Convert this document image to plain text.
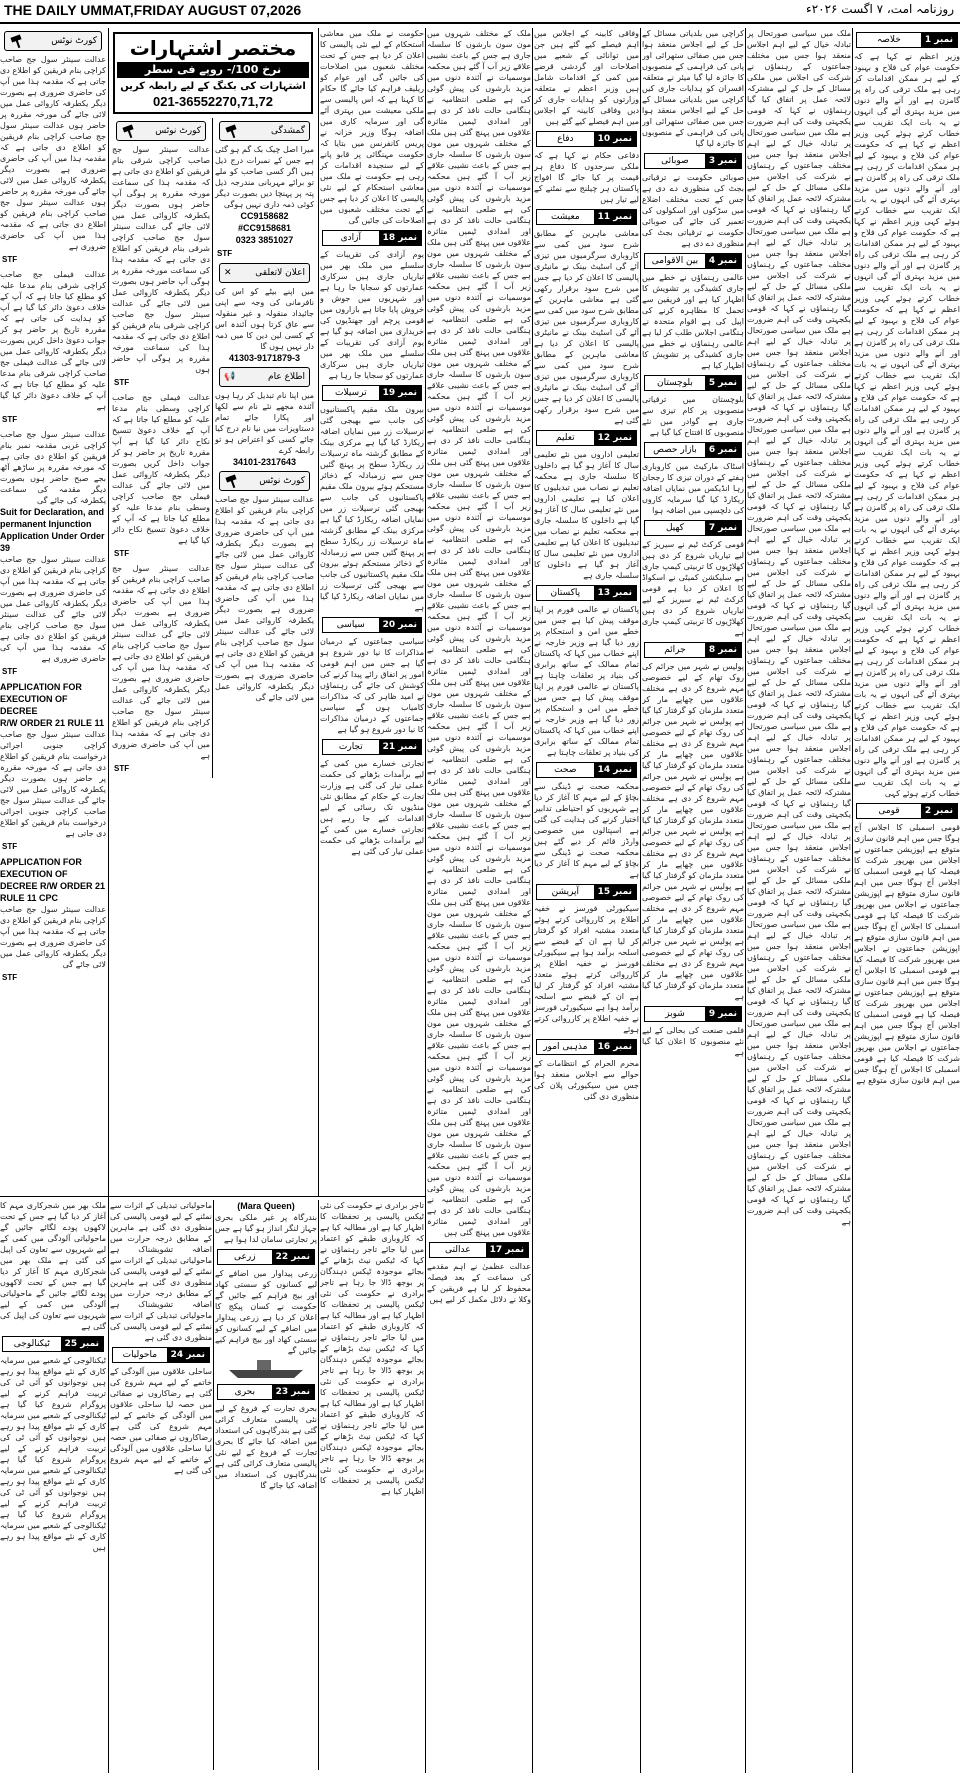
THE DAILY UMMAT,FRIDAY AUGUST 07,2026	روزنامہ امت، ۷ اگست ۲۰۲۶ء
کورٹ نوٹس
عدالت سینئر سول جج صاحب کراچی بنام فریقین کو اطلاع دی جاتی ہے کہ مقدمہ ہذا میں آپ کی حاضری ضروری ہے بصورت دیگر یکطرفہ کاروائی عمل میں لائی جائے گی مورخہ مقررہ پر حاضر ہوں عدالت سینئر سول جج صاحب کراچی بنام فریقین کو اطلاع دی جاتی ہے کہ مقدمہ ہذا میں آپ کی حاضری ضروری ہے بصورت دیگر یکطرفہ کاروائی عمل میں لائی جائے گی مورخہ مقررہ پر حاضر ہوں عدالت سینئر سول جج صاحب کراچی بنام فریقین کو اطلاع دی جاتی ہے کہ مقدمہ ہذا میں آپ کی حاضری ضروری ہے
STF
عدالت فیملی جج صاحب کراچی شرقی بنام مدعا علیہ کو مطلع کیا جاتا ہے کہ آپ کے خلاف دعویٰ دائر کیا گیا ہے آپ کو ہدایت کی جاتی ہے کہ مقررہ تاریخ پر حاضر ہو کر جواب دعویٰ داخل کریں بصورت دیگر یکطرفہ کاروائی عمل میں لائی جائے گی عدالت فیملی جج صاحب کراچی شرقی بنام مدعا علیہ کو مطلع کیا جاتا ہے کہ آپ کے خلاف دعویٰ دائر کیا گیا ہے
STF
عدالت سینئر سول جج صاحب کراچی غربی مقدمہ نمبر بنام فریقین کو اطلاع دی جاتی ہے کہ مورخہ مقررہ پر ساڑھے آٹھ بجے صبح حاضر ہوں بصورت دیگر مقدمہ کی سماعت یکطرفہ کی جائے گی
Suit for Declaration, and permanent Injunction
Application Under Order 39
عدالت سینئر سول جج صاحب کراچی بنام فریقین کو اطلاع دی جاتی ہے کہ مقدمہ ہذا میں آپ کی حاضری ضروری ہے بصورت دیگر یکطرفہ کاروائی عمل میں لائی جائے گی عدالت سینئر سول جج صاحب کراچی بنام فریقین کو اطلاع دی جاتی ہے کہ مقدمہ ہذا میں آپ کی حاضری ضروری ہے
STF
APPLICATION FOR
EXECUTION OF DECREE
R/W ORDER 21 RULE 11
عدالت سینئر سول جج صاحب کراچی جنوبی اجرائی درخواست بنام فریقین کو اطلاع دی جاتی ہے کہ مورخہ مقررہ پر حاضر ہوں بصورت دیگر یکطرفہ کاروائی عمل میں لائی جائے گی عدالت سینئر سول جج صاحب کراچی جنوبی اجرائی درخواست بنام فریقین کو اطلاع دی جاتی ہے
STF
APPLICATION FOR
EXECUTION OF
DECREE R/W ORDER 21
RULE 11 CPC
عدالت سینئر سول جج صاحب کراچی بنام فریقین کو اطلاع دی جاتی ہے کہ مقدمہ ہذا میں آپ کی حاضری ضروری ہے بصورت دیگر یکطرفہ کاروائی عمل میں لائی جائے گی
STF
مختصر اشتہارات
نرخ 100/- روپے فی سطر
اشتہارات کی بکنگ کے لیے رابطہ کریں
021-36552270,71,72
گمشدگی
میرا اصل چیک بک گم ہو گئی ہے جس کے نمبرات درج ذیل ہیں اگر کسی صاحب کو ملے تو برائے مہربانی مندرجہ ذیل پتہ پر پہنچا دیں بصورت دیگر کوئی ذمہ داری نہیں ہوگی
CC9158682 #CC9158681
0323 3851027
STF
اعلان لاتعلقی
✕
میں اپنے بیٹے کو اس کی نافرمانی کی وجہ سے اپنی جائیداد منقولہ و غیر منقولہ سے عاق کرتا ہوں آئندہ اس کے کسی لین دین کا میں ذمہ دار نہیں ہوں گا
41303-9171879-3
اطلاع عام
📢
میں اپنا نام تبدیل کر رہا ہوں آئندہ مجھے نئے نام سے لکھا اور پکارا جائے تمام دستاویزات میں نیا نام درج کیا جائے کسی کو اعتراض ہو تو رابطہ کرے
34101-2317643
کورٹ نوٹس
عدالت سینئر سول جج صاحب کراچی بنام فریقین کو اطلاع دی جاتی ہے کہ مقدمہ ہذا میں آپ کی حاضری ضروری ہے بصورت دیگر یکطرفہ کاروائی عمل میں لائی جائے گی عدالت سینئر سول جج صاحب کراچی بنام فریقین کو اطلاع دی جاتی ہے کہ مقدمہ ہذا میں آپ کی حاضری ضروری ہے بصورت دیگر یکطرفہ کاروائی عمل میں لائی جائے گی عدالت سینئر سول جج صاحب کراچی بنام فریقین کو اطلاع دی جاتی ہے کہ مقدمہ ہذا میں آپ کی حاضری ضروری ہے بصورت دیگر یکطرفہ کاروائی عمل میں لائی جائے گی
کورٹ نوٹس
عدالت سینئر سول جج صاحب کراچی شرقی بنام فریقین کو اطلاع دی جاتی ہے کہ مقدمہ ہذا کی سماعت مورخہ مقررہ پر ہوگی آپ حاضر ہوں بصورت دیگر یکطرفہ کاروائی عمل میں لائی جائے گی عدالت سینئر سول جج صاحب کراچی شرقی بنام فریقین کو اطلاع دی جاتی ہے کہ مقدمہ ہذا کی سماعت مورخہ مقررہ پر ہوگی آپ حاضر ہوں بصورت دیگر یکطرفہ کاروائی عمل میں لائی جائے گی عدالت سینئر سول جج صاحب کراچی شرقی بنام فریقین کو اطلاع دی جاتی ہے کہ مقدمہ ہذا کی سماعت مورخہ مقررہ پر ہوگی آپ حاضر ہوں
STF
عدالت فیملی جج صاحب کراچی وسطی بنام مدعا علیہ کو مطلع کیا جاتا ہے کہ آپ کے خلاف دعویٰ تنسیخ نکاح دائر کیا گیا ہے آپ مقررہ تاریخ پر حاضر ہو کر جواب داخل کریں بصورت دیگر یکطرفہ کاروائی عمل میں لائی جائے گی عدالت فیملی جج صاحب کراچی وسطی بنام مدعا علیہ کو مطلع کیا جاتا ہے کہ آپ کے خلاف دعویٰ تنسیخ نکاح دائر کیا گیا ہے
STF
عدالت سینئر سول جج صاحب کراچی بنام فریقین کو اطلاع دی جاتی ہے کہ مقدمہ ہذا میں آپ کی حاضری ضروری ہے بصورت دیگر یکطرفہ کاروائی عمل میں لائی جائے گی عدالت سینئر سول جج صاحب کراچی بنام فریقین کو اطلاع دی جاتی ہے کہ مقدمہ ہذا میں آپ کی حاضری ضروری ہے بصورت دیگر یکطرفہ کاروائی عمل میں لائی جائے گی عدالت سینئر سول جج صاحب کراچی بنام فریقین کو اطلاع دی جاتی ہے کہ مقدمہ ہذا میں آپ کی حاضری ضروری ہے
STF
حکومت نے ملک میں معاشی استحکام کے لیے نئی پالیسی کا اعلان کر دیا ہے جس کے تحت مختلف شعبوں میں اصلاحات کی جائیں گی اور عوام کو ریلیف فراہم کیا جائے گا حکام کا کہنا ہے کہ اس پالیسی سے ملکی معیشت میں بہتری آئے گی اور سرمایہ کاری میں اضافہ ہوگا وزیر خزانہ نے پریس کانفرنس میں بتایا کہ حکومت مہنگائی پر قابو پانے کے لیے سنجیدہ اقدامات کر رہی ہے حکومت نے ملک میں معاشی استحکام کے لیے نئی پالیسی کا اعلان کر دیا ہے جس کے تحت مختلف شعبوں میں اصلاحات کی جائیں گی
نمبر 18
آزادی
یوم آزادی کی تقریبات کے سلسلے میں ملک بھر میں تیاریاں جاری ہیں سرکاری عمارتوں کو سجایا جا رہا ہے اور شہریوں میں جوش و خروش پایا جاتا ہے بازاروں میں قومی پرچم اور جھنڈیوں کی خریداری میں اضافہ ہو گیا ہے یوم آزادی کی تقریبات کے سلسلے میں ملک بھر میں تیاریاں جاری ہیں سرکاری عمارتوں کو سجایا جا رہا ہے
نمبر 19
ترسیلات
بیرون ملک مقیم پاکستانیوں کی جانب سے بھیجی گئی ترسیلات زر میں نمایاں اضافہ ریکارڈ کیا گیا ہے مرکزی بینک کے مطابق گزشتہ ماہ ترسیلات زر ریکارڈ سطح پر پہنچ گئیں جس سے زرمبادلہ کے ذخائر مستحکم ہوئے بیرون ملک مقیم پاکستانیوں کی جانب سے بھیجی گئی ترسیلات زر میں نمایاں اضافہ ریکارڈ کیا گیا ہے مرکزی بینک کے مطابق گزشتہ ماہ ترسیلات زر ریکارڈ سطح پر پہنچ گئیں جس سے زرمبادلہ کے ذخائر مستحکم ہوئے بیرون ملک مقیم پاکستانیوں کی جانب سے بھیجی گئی ترسیلات زر میں نمایاں اضافہ ریکارڈ کیا گیا ہے
نمبر 20
سیاسی
سیاسی جماعتوں کے درمیان مذاکرات کا نیا دور شروع ہو گیا ہے جس میں اہم قومی امور پر اتفاق رائے پیدا کرنے کی کوشش کی جائے گی رہنماؤں نے امید ظاہر کی کہ مذاکرات کامیاب ہوں گے سیاسی جماعتوں کے درمیان مذاکرات کا نیا دور شروع ہو گیا ہے
نمبر 21
تجارت
تجارتی خسارے میں کمی کے لیے برآمدات بڑھانے کی حکمت عملی تیار کی گئی ہے وزارت تجارت کے حکام کے مطابق نئی منڈیوں تک رسائی کے لیے اقدامات کیے جا رہے ہیں تجارتی خسارے میں کمی کے لیے برآمدات بڑھانے کی حکمت عملی تیار کی گئی ہے
ملک کے مختلف شہروں میں مون سون بارشوں کا سلسلہ جاری ہے جس کے باعث نشیبی علاقے زیر آب آ گئے ہیں محکمہ موسمیات نے آئندہ دنوں میں مزید بارشوں کی پیش گوئی کی ہے ضلعی انتظامیہ نے ہنگامی حالت نافذ کر دی ہے اور امدادی ٹیمیں متاثرہ علاقوں میں پہنچ گئی ہیں ملک کے مختلف شہروں میں مون سون بارشوں کا سلسلہ جاری ہے جس کے باعث نشیبی علاقے زیر آب آ گئے ہیں محکمہ موسمیات نے آئندہ دنوں میں مزید بارشوں کی پیش گوئی کی ہے ضلعی انتظامیہ نے ہنگامی حالت نافذ کر دی ہے اور امدادی ٹیمیں متاثرہ علاقوں میں پہنچ گئی ہیں ملک کے مختلف شہروں میں مون سون بارشوں کا سلسلہ جاری ہے جس کے باعث نشیبی علاقے زیر آب آ گئے ہیں محکمہ موسمیات نے آئندہ دنوں میں مزید بارشوں کی پیش گوئی کی ہے ضلعی انتظامیہ نے ہنگامی حالت نافذ کر دی ہے اور امدادی ٹیمیں متاثرہ علاقوں میں پہنچ گئی ہیں ملک کے مختلف شہروں میں مون سون بارشوں کا سلسلہ جاری ہے جس کے باعث نشیبی علاقے زیر آب آ گئے ہیں محکمہ موسمیات نے آئندہ دنوں میں مزید بارشوں کی پیش گوئی کی ہے ضلعی انتظامیہ نے ہنگامی حالت نافذ کر دی ہے اور امدادی ٹیمیں متاثرہ علاقوں میں پہنچ گئی ہیں ملک کے مختلف شہروں میں مون سون بارشوں کا سلسلہ جاری ہے جس کے باعث نشیبی علاقے زیر آب آ گئے ہیں محکمہ موسمیات نے آئندہ دنوں میں مزید بارشوں کی پیش گوئی کی ہے ضلعی انتظامیہ نے ہنگامی حالت نافذ کر دی ہے اور امدادی ٹیمیں متاثرہ علاقوں میں پہنچ گئی ہیں ملک کے مختلف شہروں میں مون سون بارشوں کا سلسلہ جاری ہے جس کے باعث نشیبی علاقے زیر آب آ گئے ہیں محکمہ موسمیات نے آئندہ دنوں میں مزید بارشوں کی پیش گوئی کی ہے ضلعی انتظامیہ نے ہنگامی حالت نافذ کر دی ہے اور امدادی ٹیمیں متاثرہ علاقوں میں پہنچ گئی ہیں ملک کے مختلف شہروں میں مون سون بارشوں کا سلسلہ جاری ہے جس کے باعث نشیبی علاقے زیر آب آ گئے ہیں محکمہ موسمیات نے آئندہ دنوں میں مزید بارشوں کی پیش گوئی کی ہے ضلعی انتظامیہ نے ہنگامی حالت نافذ کر دی ہے اور امدادی ٹیمیں متاثرہ علاقوں میں پہنچ گئی ہیں ملک کے مختلف شہروں میں مون سون بارشوں کا سلسلہ جاری ہے جس کے باعث نشیبی علاقے زیر آب آ گئے ہیں محکمہ موسمیات نے آئندہ دنوں میں مزید بارشوں کی پیش گوئی کی ہے ضلعی انتظامیہ نے ہنگامی حالت نافذ کر دی ہے اور امدادی ٹیمیں متاثرہ علاقوں میں پہنچ گئی ہیں ملک کے مختلف شہروں میں مون سون بارشوں کا سلسلہ جاری ہے جس کے باعث نشیبی علاقے زیر آب آ گئے ہیں محکمہ موسمیات نے آئندہ دنوں میں مزید بارشوں کی پیش گوئی کی ہے ضلعی انتظامیہ نے ہنگامی حالت نافذ کر دی ہے اور امدادی ٹیمیں متاثرہ علاقوں میں پہنچ گئی ہیں ملک کے مختلف شہروں میں مون سون بارشوں کا سلسلہ جاری ہے جس کے باعث نشیبی علاقے زیر آب آ گئے ہیں محکمہ موسمیات نے آئندہ دنوں میں مزید بارشوں کی پیش گوئی کی ہے ضلعی انتظامیہ نے ہنگامی حالت نافذ کر دی ہے اور امدادی ٹیمیں متاثرہ علاقوں میں پہنچ گئی ہیں ملک کے مختلف شہروں میں مون سون بارشوں کا سلسلہ جاری ہے جس کے باعث نشیبی علاقے زیر آب آ گئے ہیں محکمہ موسمیات نے آئندہ دنوں میں مزید بارشوں کی پیش گوئی کی ہے ضلعی انتظامیہ نے ہنگامی حالت نافذ کر دی ہے اور امدادی ٹیمیں متاثرہ علاقوں میں پہنچ گئی ہیں
نمبر 17
عدالتی
عدالت عظمیٰ نے اہم مقدمے کی سماعت کے بعد فیصلہ محفوظ کر لیا ہے فریقین کے وکلا نے دلائل مکمل کر لیے ہیں
وفاقی کابینہ کے اجلاس میں اہم فیصلے کیے گئے ہیں جن میں توانائی کے شعبے میں اصلاحات اور گردشی قرضے میں کمی کے اقدامات شامل ہیں وزیر اعظم نے متعلقہ وزارتوں کو ہدایات جاری کر دیں وفاقی کابینہ کے اجلاس میں اہم فیصلے کیے گئے ہیں
نمبر 10
دفاع
دفاعی حکام نے کہا ہے کہ ملکی سرحدوں کا دفاع ہر قیمت پر کیا جائے گا افواج پاکستان ہر چیلنج سے نمٹنے کے لیے تیار ہیں
نمبر 11
معیشت
معاشی ماہرین کے مطابق شرح سود میں کمی سے کاروباری سرگرمیوں میں تیزی آئے گی اسٹیٹ بینک نے مانیٹری پالیسی کا اعلان کر دیا ہے جس میں شرح سود برقرار رکھی گئی ہے معاشی ماہرین کے مطابق شرح سود میں کمی سے کاروباری سرگرمیوں میں تیزی آئے گی اسٹیٹ بینک نے مانیٹری پالیسی کا اعلان کر دیا ہے معاشی ماہرین کے مطابق شرح سود میں کمی سے کاروباری سرگرمیوں میں تیزی آئے گی اسٹیٹ بینک نے مانیٹری پالیسی کا اعلان کر دیا ہے جس میں شرح سود برقرار رکھی گئی ہے
نمبر 12
تعلیم
تعلیمی اداروں میں نئے تعلیمی سال کا آغاز ہو گیا ہے داخلوں کا سلسلہ جاری ہے محکمہ تعلیم نے نصاب میں تبدیلیوں کا اعلان کیا ہے تعلیمی اداروں میں نئے تعلیمی سال کا آغاز ہو گیا ہے داخلوں کا سلسلہ جاری ہے محکمہ تعلیم نے نصاب میں تبدیلیوں کا اعلان کیا ہے تعلیمی اداروں میں نئے تعلیمی سال کا آغاز ہو گیا ہے داخلوں کا سلسلہ جاری ہے
نمبر 13
پاکستان
پاکستان نے عالمی فورم پر اپنا موقف پیش کیا ہے جس میں خطے میں امن و استحکام پر زور دیا گیا ہے وزیر خارجہ نے اپنے خطاب میں کہا کہ پاکستان تمام ممالک کے ساتھ برابری کی بنیاد پر تعلقات چاہتا ہے پاکستان نے عالمی فورم پر اپنا موقف پیش کیا ہے جس میں خطے میں امن و استحکام پر زور دیا گیا ہے وزیر خارجہ نے اپنے خطاب میں کہا کہ پاکستان تمام ممالک کے ساتھ برابری کی بنیاد پر تعلقات چاہتا ہے
نمبر 14
صحت
محکمہ صحت نے ڈینگی سے بچاؤ کے لیے مہم کا آغاز کر دیا ہے شہریوں کو احتیاطی تدابیر اختیار کرنے کی ہدایت کی گئی ہے اسپتالوں میں خصوصی وارڈز قائم کر دیے گئے ہیں محکمہ صحت نے ڈینگی سے بچاؤ کے لیے مہم کا آغاز کر دیا ہے
نمبر 15
آپریشن
سیکیورٹی فورسز نے خفیہ اطلاع پر کارروائی کرتے ہوئے متعدد مشتبہ افراد کو گرفتار کر لیا ہے ان کے قبضے سے اسلحہ برآمد ہوا ہے سیکیورٹی فورسز نے خفیہ اطلاع پر کارروائی کرتے ہوئے متعدد مشتبہ افراد کو گرفتار کر لیا ہے ان کے قبضے سے اسلحہ برآمد ہوا ہے سیکیورٹی فورسز نے خفیہ اطلاع پر کارروائی کرتے ہوئے
نمبر 16
مذہبی امور
محرم الحرام کے انتظامات کے حوالے سے اجلاس منعقد ہوا جس میں سیکیورٹی پلان کی منظوری دی گئی
کراچی میں بلدیاتی مسائل کے حل کے لیے اجلاس منعقد ہوا جس میں صفائی ستھرائی اور پانی کی فراہمی کے منصوبوں کا جائزہ لیا گیا میئر نے متعلقہ افسران کو ہدایات جاری کیں کراچی میں بلدیاتی مسائل کے حل کے لیے اجلاس منعقد ہوا جس میں صفائی ستھرائی اور پانی کی فراہمی کے منصوبوں کا جائزہ لیا گیا
نمبر 3
صوبائی
صوبائی حکومت نے ترقیاتی بجٹ کی منظوری دے دی ہے جس کے تحت مختلف اضلاع میں سڑکوں اور اسکولوں کی تعمیر کی جائے گی صوبائی حکومت نے ترقیاتی بجٹ کی منظوری دے دی ہے
نمبر 4
بین الاقوامی
عالمی رہنماؤں نے خطے میں جاری کشیدگی پر تشویش کا اظہار کیا ہے اور فریقین سے تحمل کا مظاہرہ کرنے کی اپیل کی ہے اقوام متحدہ نے ہنگامی اجلاس طلب کر لیا ہے عالمی رہنماؤں نے خطے میں جاری کشیدگی پر تشویش کا اظہار کیا ہے
نمبر 5
بلوچستان
بلوچستان میں ترقیاتی منصوبوں پر کام تیزی سے جاری ہے گوادر میں نئے منصوبوں کا افتتاح کیا گیا ہے
نمبر 6
بازار حصص
اسٹاک مارکیٹ میں کاروباری ہفتے کے دوران تیزی کا رجحان رہا انڈیکس میں نمایاں اضافہ ریکارڈ کیا گیا سرمایہ کاروں کی دلچسپی میں اضافہ ہوا
نمبر 7
کھیل
قومی کرکٹ ٹیم نے سیریز کے لیے تیاریاں شروع کر دی ہیں کھلاڑیوں کا تربیتی کیمپ جاری ہے سلیکشن کمیٹی نے اسکواڈ کا اعلان کر دیا ہے قومی کرکٹ ٹیم نے سیریز کے لیے تیاریاں شروع کر دی ہیں کھلاڑیوں کا تربیتی کیمپ جاری ہے
نمبر 8
جرائم
پولیس نے شہر میں جرائم کی روک تھام کے لیے خصوصی مہم شروع کر دی ہے مختلف علاقوں میں چھاپے مار کر متعدد ملزمان کو گرفتار کیا گیا ہے پولیس نے شہر میں جرائم کی روک تھام کے لیے خصوصی مہم شروع کر دی ہے مختلف علاقوں میں چھاپے مار کر متعدد ملزمان کو گرفتار کیا گیا ہے پولیس نے شہر میں جرائم کی روک تھام کے لیے خصوصی مہم شروع کر دی ہے مختلف علاقوں میں چھاپے مار کر متعدد ملزمان کو گرفتار کیا گیا ہے پولیس نے شہر میں جرائم کی روک تھام کے لیے خصوصی مہم شروع کر دی ہے مختلف علاقوں میں چھاپے مار کر متعدد ملزمان کو گرفتار کیا گیا ہے پولیس نے شہر میں جرائم کی روک تھام کے لیے خصوصی مہم شروع کر دی ہے مختلف علاقوں میں چھاپے مار کر متعدد ملزمان کو گرفتار کیا گیا ہے پولیس نے شہر میں جرائم کی روک تھام کے لیے خصوصی مہم شروع کر دی ہے مختلف علاقوں میں چھاپے مار کر متعدد ملزمان کو گرفتار کیا گیا ہے
نمبر 9
شوبز
فلمی صنعت کی بحالی کے لیے نئے منصوبوں کا اعلان کیا گیا ہے
ملک میں سیاسی صورتحال پر تبادلہ خیال کے لیے اہم اجلاس منعقد ہوا جس میں مختلف جماعتوں کے رہنماؤں نے شرکت کی اجلاس میں ملکی مسائل کے حل کے لیے مشترکہ لائحہ عمل پر اتفاق کیا گیا رہنماؤں نے کہا کہ قومی یکجہتی وقت کی اہم ضرورت ہے ملک میں سیاسی صورتحال پر تبادلہ خیال کے لیے اہم اجلاس منعقد ہوا جس میں مختلف جماعتوں کے رہنماؤں نے شرکت کی اجلاس میں ملکی مسائل کے حل کے لیے مشترکہ لائحہ عمل پر اتفاق کیا گیا رہنماؤں نے کہا کہ قومی یکجہتی وقت کی اہم ضرورت ہے ملک میں سیاسی صورتحال پر تبادلہ خیال کے لیے اہم اجلاس منعقد ہوا جس میں مختلف جماعتوں کے رہنماؤں نے شرکت کی اجلاس میں ملکی مسائل کے حل کے لیے مشترکہ لائحہ عمل پر اتفاق کیا گیا رہنماؤں نے کہا کہ قومی یکجہتی وقت کی اہم ضرورت ہے ملک میں سیاسی صورتحال پر تبادلہ خیال کے لیے اہم اجلاس منعقد ہوا جس میں مختلف جماعتوں کے رہنماؤں نے شرکت کی اجلاس میں ملکی مسائل کے حل کے لیے مشترکہ لائحہ عمل پر اتفاق کیا گیا رہنماؤں نے کہا کہ قومی یکجہتی وقت کی اہم ضرورت ہے ملک میں سیاسی صورتحال پر تبادلہ خیال کے لیے اہم اجلاس منعقد ہوا جس میں مختلف جماعتوں کے رہنماؤں نے شرکت کی اجلاس میں ملکی مسائل کے حل کے لیے مشترکہ لائحہ عمل پر اتفاق کیا گیا رہنماؤں نے کہا کہ قومی یکجہتی وقت کی اہم ضرورت ہے ملک میں سیاسی صورتحال پر تبادلہ خیال کے لیے اہم اجلاس منعقد ہوا جس میں مختلف جماعتوں کے رہنماؤں نے شرکت کی اجلاس میں ملکی مسائل کے حل کے لیے مشترکہ لائحہ عمل پر اتفاق کیا گیا رہنماؤں نے کہا کہ قومی یکجہتی وقت کی اہم ضرورت ہے ملک میں سیاسی صورتحال پر تبادلہ خیال کے لیے اہم اجلاس منعقد ہوا جس میں مختلف جماعتوں کے رہنماؤں نے شرکت کی اجلاس میں ملکی مسائل کے حل کے لیے مشترکہ لائحہ عمل پر اتفاق کیا گیا رہنماؤں نے کہا کہ قومی یکجہتی وقت کی اہم ضرورت ہے ملک میں سیاسی صورتحال پر تبادلہ خیال کے لیے اہم اجلاس منعقد ہوا جس میں مختلف جماعتوں کے رہنماؤں نے شرکت کی اجلاس میں ملکی مسائل کے حل کے لیے مشترکہ لائحہ عمل پر اتفاق کیا گیا رہنماؤں نے کہا کہ قومی یکجہتی وقت کی اہم ضرورت ہے ملک میں سیاسی صورتحال پر تبادلہ خیال کے لیے اہم اجلاس منعقد ہوا جس میں مختلف جماعتوں کے رہنماؤں نے شرکت کی اجلاس میں ملکی مسائل کے حل کے لیے مشترکہ لائحہ عمل پر اتفاق کیا گیا رہنماؤں نے کہا کہ قومی یکجہتی وقت کی اہم ضرورت ہے ملک میں سیاسی صورتحال پر تبادلہ خیال کے لیے اہم اجلاس منعقد ہوا جس میں مختلف جماعتوں کے رہنماؤں نے شرکت کی اجلاس میں ملکی مسائل کے حل کے لیے مشترکہ لائحہ عمل پر اتفاق کیا گیا رہنماؤں نے کہا کہ قومی یکجہتی وقت کی اہم ضرورت ہے ملک میں سیاسی صورتحال پر تبادلہ خیال کے لیے اہم اجلاس منعقد ہوا جس میں مختلف جماعتوں کے رہنماؤں نے شرکت کی اجلاس میں ملکی مسائل کے حل کے لیے مشترکہ لائحہ عمل پر اتفاق کیا گیا رہنماؤں نے کہا کہ قومی یکجہتی وقت کی اہم ضرورت ہے ملک میں سیاسی صورتحال پر تبادلہ خیال کے لیے اہم اجلاس منعقد ہوا جس میں مختلف جماعتوں کے رہنماؤں نے شرکت کی اجلاس میں ملکی مسائل کے حل کے لیے مشترکہ لائحہ عمل پر اتفاق کیا گیا رہنماؤں نے کہا کہ قومی یکجہتی وقت کی اہم ضرورت ہے
نمبر 1
خلاصہ
وزیر اعظم نے کہا ہے کہ حکومت عوام کی فلاح و بہبود کے لیے ہر ممکن اقدامات کر رہی ہے ملک ترقی کی راہ پر گامزن ہے اور آنے والے دنوں میں مزید بہتری آئے گی انہوں نے یہ بات ایک تقریب سے خطاب کرتے ہوئے کہی وزیر اعظم نے کہا ہے کہ حکومت عوام کی فلاح و بہبود کے لیے ہر ممکن اقدامات کر رہی ہے ملک ترقی کی راہ پر گامزن ہے اور آنے والے دنوں میں مزید بہتری آئے گی انہوں نے یہ بات ایک تقریب سے خطاب کرتے ہوئے کہی وزیر اعظم نے کہا ہے کہ حکومت عوام کی فلاح و بہبود کے لیے ہر ممکن اقدامات کر رہی ہے ملک ترقی کی راہ پر گامزن ہے اور آنے والے دنوں میں مزید بہتری آئے گی انہوں نے یہ بات ایک تقریب سے خطاب کرتے ہوئے کہی وزیر اعظم نے کہا ہے کہ حکومت عوام کی فلاح و بہبود کے لیے ہر ممکن اقدامات کر رہی ہے ملک ترقی کی راہ پر گامزن ہے اور آنے والے دنوں میں مزید بہتری آئے گی انہوں نے یہ بات ایک تقریب سے خطاب کرتے ہوئے کہی وزیر اعظم نے کہا ہے کہ حکومت عوام کی فلاح و بہبود کے لیے ہر ممکن اقدامات کر رہی ہے ملک ترقی کی راہ پر گامزن ہے اور آنے والے دنوں میں مزید بہتری آئے گی انہوں نے یہ بات ایک تقریب سے خطاب کرتے ہوئے کہی وزیر اعظم نے کہا ہے کہ حکومت عوام کی فلاح و بہبود کے لیے ہر ممکن اقدامات کر رہی ہے ملک ترقی کی راہ پر گامزن ہے اور آنے والے دنوں میں مزید بہتری آئے گی انہوں نے یہ بات ایک تقریب سے خطاب کرتے ہوئے کہی وزیر اعظم نے کہا ہے کہ حکومت عوام کی فلاح و بہبود کے لیے ہر ممکن اقدامات کر رہی ہے ملک ترقی کی راہ پر گامزن ہے اور آنے والے دنوں میں مزید بہتری آئے گی انہوں نے یہ بات ایک تقریب سے خطاب کرتے ہوئے کہی وزیر اعظم نے کہا ہے کہ حکومت عوام کی فلاح و بہبود کے لیے ہر ممکن اقدامات کر رہی ہے ملک ترقی کی راہ پر گامزن ہے اور آنے والے دنوں میں مزید بہتری آئے گی انہوں نے یہ بات ایک تقریب سے خطاب کرتے ہوئے کہی وزیر اعظم نے کہا ہے کہ حکومت عوام کی فلاح و بہبود کے لیے ہر ممکن اقدامات کر رہی ہے ملک ترقی کی راہ پر گامزن ہے اور آنے والے دنوں میں مزید بہتری آئے گی انہوں نے یہ بات ایک تقریب سے خطاب کرتے ہوئے کہی
نمبر 2
قومی
قومی اسمبلی کا اجلاس آج ہوگا جس میں اہم قانون سازی متوقع ہے اپوزیشن جماعتوں نے اجلاس میں بھرپور شرکت کا فیصلہ کیا ہے قومی اسمبلی کا اجلاس آج ہوگا جس میں اہم قانون سازی متوقع ہے اپوزیشن جماعتوں نے اجلاس میں بھرپور شرکت کا فیصلہ کیا ہے قومی اسمبلی کا اجلاس آج ہوگا جس میں اہم قانون سازی متوقع ہے اپوزیشن جماعتوں نے اجلاس میں بھرپور شرکت کا فیصلہ کیا ہے قومی اسمبلی کا اجلاس آج ہوگا جس میں اہم قانون سازی متوقع ہے اپوزیشن جماعتوں نے اجلاس میں بھرپور شرکت کا فیصلہ کیا ہے قومی اسمبلی کا اجلاس آج ہوگا جس میں اہم قانون سازی متوقع ہے اپوزیشن جماعتوں نے اجلاس میں بھرپور شرکت کا فیصلہ کیا ہے قومی اسمبلی کا اجلاس آج ہوگا جس میں اہم قانون سازی متوقع ہے
ملک بھر میں شجرکاری مہم کا آغاز کر دیا گیا ہے جس کے تحت لاکھوں پودے لگائے جائیں گے ماحولیاتی آلودگی میں کمی کے لیے شہریوں سے تعاون کی اپیل کی گئی ہے ملک بھر میں شجرکاری مہم کا آغاز کر دیا گیا ہے جس کے تحت لاکھوں پودے لگائے جائیں گے ماحولیاتی آلودگی میں کمی کے لیے شہریوں سے تعاون کی اپیل کی گئی ہے
نمبر 25
ٹیکنالوجی
ٹیکنالوجی کے شعبے میں سرمایہ کاری کے نئے مواقع پیدا ہو رہے ہیں نوجوانوں کو آئی ٹی کی تربیت فراہم کرنے کے لیے پروگرام شروع کیا گیا ہے ٹیکنالوجی کے شعبے میں سرمایہ کاری کے نئے مواقع پیدا ہو رہے ہیں نوجوانوں کو آئی ٹی کی تربیت فراہم کرنے کے لیے پروگرام شروع کیا گیا ہے ٹیکنالوجی کے شعبے میں سرمایہ کاری کے نئے مواقع پیدا ہو رہے ہیں نوجوانوں کو آئی ٹی کی تربیت فراہم کرنے کے لیے پروگرام شروع کیا گیا ہے ٹیکنالوجی کے شعبے میں سرمایہ کاری کے نئے مواقع پیدا ہو رہے ہیں
ماحولیاتی تبدیلی کے اثرات سے نمٹنے کے لیے قومی پالیسی کی منظوری دی گئی ہے ماہرین کے مطابق درجہ حرارت میں اضافہ تشویشناک ہے ماحولیاتی تبدیلی کے اثرات سے نمٹنے کے لیے قومی پالیسی کی منظوری دی گئی ہے ماہرین کے مطابق درجہ حرارت میں اضافہ تشویشناک ہے ماحولیاتی تبدیلی کے اثرات سے نمٹنے کے لیے قومی پالیسی کی منظوری دی گئی ہے
نمبر 24
ماحولیات
ساحلی علاقوں میں آلودگی کے خاتمے کے لیے مہم شروع کی گئی ہے رضاکاروں نے صفائی میں حصہ لیا ساحلی علاقوں میں آلودگی کے خاتمے کے لیے مہم شروع کی گئی ہے رضاکاروں نے صفائی میں حصہ لیا ساحلی علاقوں میں آلودگی کے خاتمے کے لیے مہم شروع کی گئی ہے
(Mara Queen)
بندرگاہ پر غیر ملکی بحری جہاز لنگر انداز ہو گیا ہے جس پر تجارتی سامان لدا ہوا ہے
نمبر 22
زرعی
زرعی پیداوار میں اضافے کے لیے کسانوں کو سستی کھاد اور بیج فراہم کیے جائیں گے حکومت نے کسان پیکج کا اعلان کر دیا ہے زرعی پیداوار میں اضافے کے لیے کسانوں کو سستی کھاد اور بیج فراہم کیے جائیں گے
نمبر 23
بحری
بحری تجارت کے فروغ کے لیے نئی پالیسی متعارف کرائی گئی ہے بندرگاہوں کی استعداد میں اضافہ کیا جائے گا بحری تجارت کے فروغ کے لیے نئی پالیسی متعارف کرائی گئی ہے بندرگاہوں کی استعداد میں اضافہ کیا جائے گا
تاجر برادری نے حکومت کی نئی ٹیکس پالیسی پر تحفظات کا اظہار کیا ہے اور مطالبہ کیا ہے کہ کاروباری طبقے کو اعتماد میں لیا جائے تاجر رہنماؤں نے کہا کہ ٹیکس نیٹ بڑھانے کے بجائے موجودہ ٹیکس دہندگان پر بوجھ ڈالا جا رہا ہے تاجر برادری نے حکومت کی نئی ٹیکس پالیسی پر تحفظات کا اظہار کیا ہے اور مطالبہ کیا ہے کہ کاروباری طبقے کو اعتماد میں لیا جائے تاجر رہنماؤں نے کہا کہ ٹیکس نیٹ بڑھانے کے بجائے موجودہ ٹیکس دہندگان پر بوجھ ڈالا جا رہا ہے تاجر برادری نے حکومت کی نئی ٹیکس پالیسی پر تحفظات کا اظہار کیا ہے اور مطالبہ کیا ہے کہ کاروباری طبقے کو اعتماد میں لیا جائے تاجر رہنماؤں نے کہا کہ ٹیکس نیٹ بڑھانے کے بجائے موجودہ ٹیکس دہندگان پر بوجھ ڈالا جا رہا ہے تاجر برادری نے حکومت کی نئی ٹیکس پالیسی پر تحفظات کا اظہار کیا ہے
